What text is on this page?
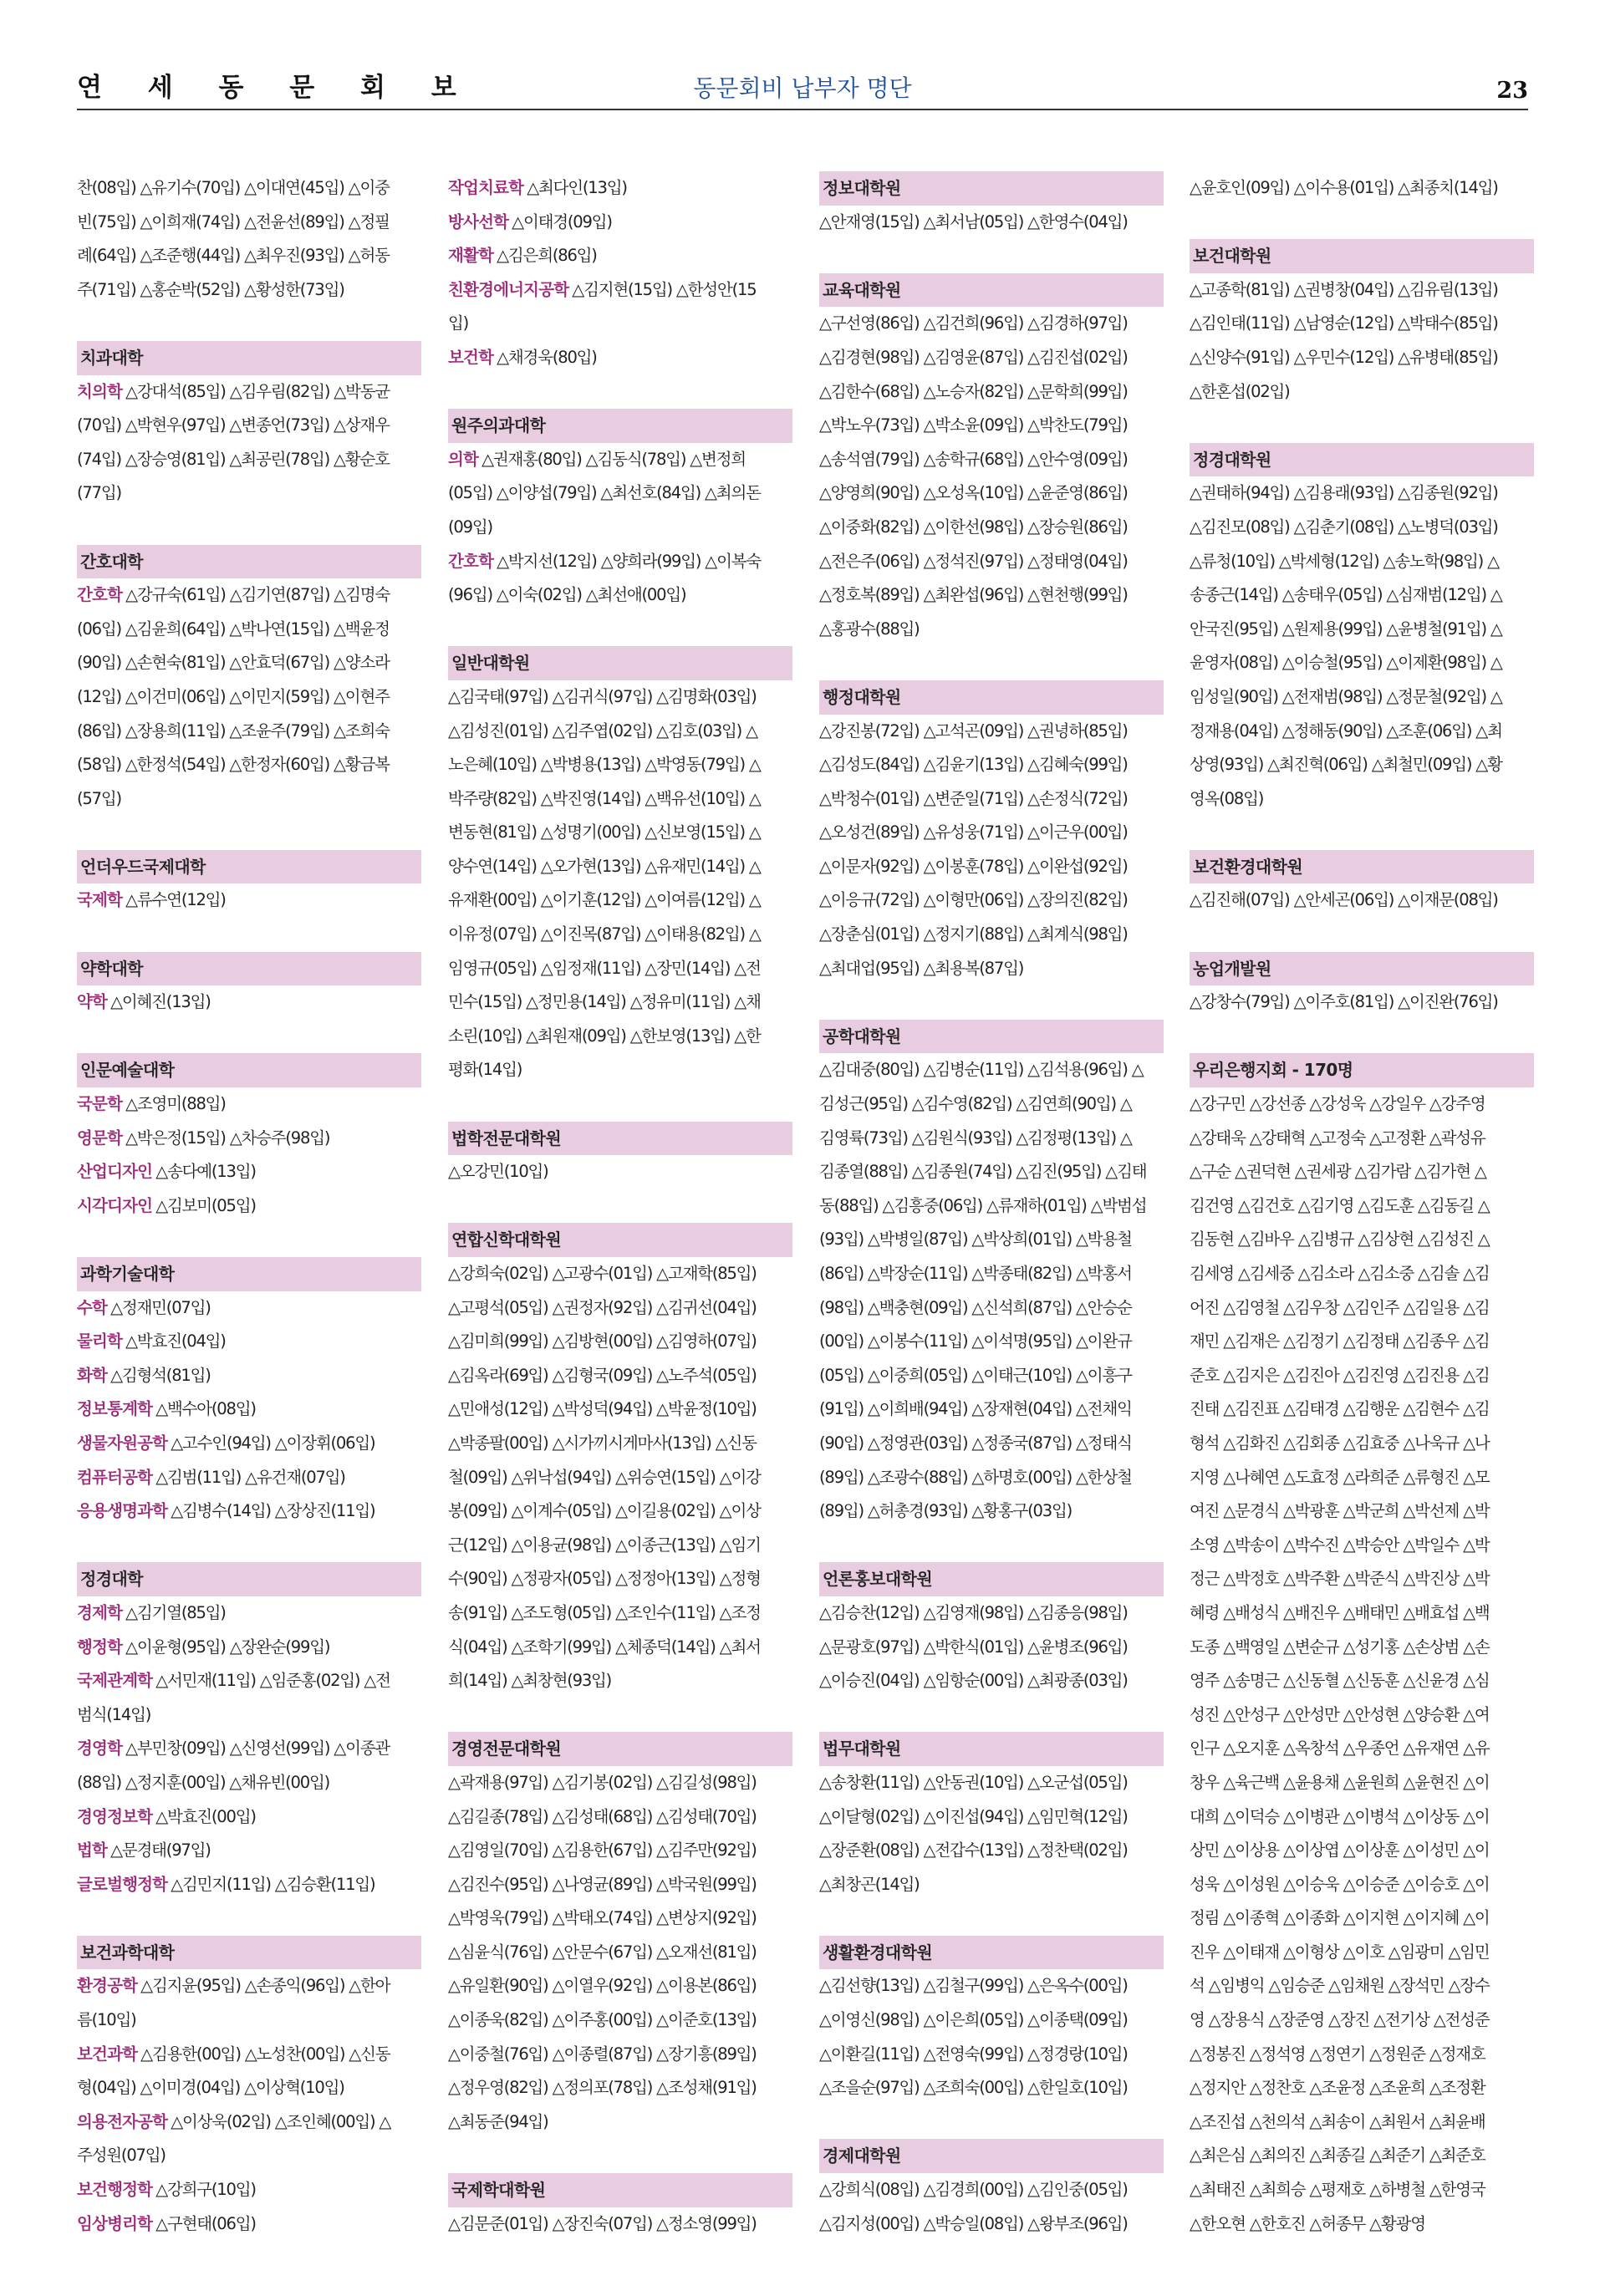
연 세 동 문 회 보	동문회비 납부자 명단	23

찬(08입) △유기수(70입) △이대연(45입) △이중

빈(75입) △이희재(74입) △전윤선(89입) △정필

례(64입) △조준행(44입) △최우진(93입) △허동

주(71입) △홍순박(52입) △황성한(73입)

치과대학

치의학 △강대석(85입) △김우림(82입) △박동균

(70입) △박현우(97입) △변종언(73입) △상재우

(74입) △장승영(81입) △최공린(78입) △황순호

(77입)

간호대학

간호학 △강규숙(61입) △김기연(87입) △김명숙

(06입) △김윤희(64입) △박나연(15입) △백윤정

(90입) △손현숙(81입) △안효덕(67입) △양소라

(12입) △이건미(06입) △이민지(59입) △이현주

(86입) △장용희(11입) △조윤주(79입) △조희숙

(58입) △한정석(54입) △한정자(60입) △황금복

(57입)

언더우드국제대학

국제학 △류수연(12입)

약학대학

약학 △이혜진(13입)

인문예술대학

국문학 △조영미(88입)

영문학 △박은정(15입) △차승주(98입)

산업디자인 △송다예(13입)

시각디자인 △김보미(05입)

과학기술대학

수학 △정재민(07입)

물리학 △박효진(04입)

화학 △김형석(81입)

정보통계학 △백수아(08입)

생물자원공학 △고수인(94입) △이장휘(06입)

컴퓨터공학 △김범(11입) △유건재(07입)

응용생명과학 △김병수(14입) △장상진(11입)

정경대학

경제학 △김기열(85입)

행정학 △이윤형(95입) △장완순(99입)

국제관계학 △서민재(11입) △임준홍(02입) △전

범식(14입)

경영학 △부민창(09입) △신영선(99입) △이종관

(88입) △정지훈(00입) △채유빈(00입)

경영정보학 △박효진(00입)

법학 △문경태(97입)

글로벌행정학 △김민지(11입) △김승환(11입)

보건과학대학

환경공학 △김지윤(95입) △손종익(96입) △한아

름(10입)

보건과학 △김용한(00입) △노성찬(00입) △신동

형(04입) △이미경(04입) △이상혁(10입)

의용전자공학 △이상욱(02입) △조인혜(00입) △

주성원(07입)

보건행정학 △강희구(10입)

임상병리학 △구현태(06입)

작업치료학 △최다인(13입)

방사선학 △이태경(09입)

재활학 △김은희(86입)

친환경에너지공학 △김지현(15입) △한성안(15

입)

보건학 △채경욱(80입)

원주의과대학

의학 △권재홍(80입) △김동식(78입) △변정희

(05입) △이양섭(79입) △최선호(84입) △최의돈

(09입)

간호학 △박지선(12입) △양희라(99입) △이복숙

(96입) △이숙(02입) △최선애(00입)

일반대학원

△김국태(97입) △김귀식(97입) △김명화(03입)

△김성진(01입) △김주엽(02입) △김호(03입) △

노은혜(10입) △박병용(13입) △박영동(79입) △

박주량(82입) △박진영(14입) △백유선(10입) △

변동현(81입) △성명기(00입) △신보영(15입) △

양수연(14입) △오가현(13입) △유재민(14입) △

유재환(00입) △이기훈(12입) △이여름(12입) △

이유정(07입) △이진목(87입) △이태용(82입) △

임영규(05입) △임정재(11입) △장민(14입) △전

민수(15입) △정민용(14입) △정유미(11입) △채

소린(10입) △최원재(09입) △한보영(13입) △한

평화(14입)

법학전문대학원

△오강민(10입)

연합신학대학원

△강희숙(02입) △고광수(01입) △고재학(85입)

△고평석(05입) △권정자(92입) △김귀선(04입)

△김미희(99입) △김방현(00입) △김영하(07입)

△김옥라(69입) △김형국(09입) △노주석(05입)

△민애성(12입) △박성덕(94입) △박윤정(10입)

△박종팔(00입) △시가끼시게마사(13입) △신동

철(09입) △위낙섭(94입) △위승연(15입) △이강

봉(09입) △이계수(05입) △이길용(02입) △이상

근(12입) △이용균(98입) △이종근(13입) △임기

수(90입) △정광자(05입) △정정아(13입) △정형

송(91입) △조도형(05입) △조인수(11입) △조정

식(04입) △조학기(99입) △체종덕(14입) △최서

희(14입) △최창현(93입)

경영전문대학원

△곽재용(97입) △김기봉(02입) △김길성(98입)

△김길종(78입) △김성태(68입) △김성태(70입)

△김영일(70입) △김용한(67입) △김주만(92입)

△김진수(95입) △나영균(89입) △박국원(99입)

△박영욱(79입) △박태오(74입) △변상지(92입)

△심윤식(76입) △안문수(67입) △오재선(81입)

△유일환(90입) △이열우(92입) △이용본(86입)

△이종욱(82입) △이주홍(00입) △이준호(13입)

△이중철(76입) △이종렬(87입) △장기흥(89입)

△정우영(82입) △정의포(78입) △조성채(91입)

△최동준(94입)

국제학대학원

△김문준(01입) △장진숙(07입) △정소영(99입)

정보대학원

△안재영(15입) △최서남(05입) △한영수(04입)

교육대학원

△구선영(86입) △김건희(96입) △김경하(97입)

△김경현(98입) △김영윤(87입) △김진섭(02입)

△김한수(68입) △노승자(82입) △문학희(99입)

△박노우(73입) △박소윤(09입) △박찬도(79입)

△송석염(79입) △송학규(68입) △안수영(09입)

△양영희(90입) △오성옥(10입) △윤준영(86입)

△이중화(82입) △이한선(98입) △장승원(86입)

△전은주(06입) △정석진(97입) △정태영(04입)

△정호복(89입) △최완섭(96입) △현천행(99입)

△홍광수(88입)

행정대학원

△강진봉(72입) △고석곤(09입) △권녕하(85입)

△김성도(84입) △김윤기(13입) △김혜숙(99입)

△박청수(01입) △변준일(71입) △손정식(72입)

△오성건(89입) △유성웅(71입) △이근우(00입)

△이문자(92입) △이봉훈(78입) △이완섭(92입)

△이응규(72입) △이형만(06입) △장의진(82입)

△장춘심(01입) △정지기(88입) △최계식(98입)

△최대업(95입) △최용복(87입)

공학대학원

△김대중(80입) △김병순(11입) △김석용(96입) △

김성근(95입) △김수영(82입) △김연희(90입) △

김영륙(73입) △김원식(93입) △김정평(13입) △

김종열(88입) △김종원(74입) △김진(95입) △김태

동(88입) △김흥중(06입) △류재하(01입) △박범섭

(93입) △박병일(87입) △박상희(01입) △박용철

(86입) △박장순(11입) △박종태(82입) △박홍서

(98입) △백충현(09입) △신석희(87입) △안승순

(00입) △이봉수(11입) △이석명(95입) △이완규

(05입) △이중희(05입) △이태근(10입) △이흥구

(91입) △이희배(94입) △장재현(04입) △전채익

(90입) △정영관(03입) △정종국(87입) △정태식

(89입) △조광수(88입) △하명호(00입) △한상철

(89입) △허총경(93입) △황홍구(03입)

언론홍보대학원

△김승찬(12입) △김영재(98입) △김종응(98입)

△문광호(97입) △박한식(01입) △윤병조(96입)

△이승진(04입) △임항순(00입) △최광종(03입)

법무대학원

△송창환(11입) △안동권(10입) △오군섭(05입)

△이달형(02입) △이진섭(94입) △임민혁(12입)

△장준환(08입) △전갑수(13입) △정찬택(02입)

△최창곤(14입)

생활환경대학원

△김선향(13입) △김철구(99입) △은옥수(00입)

△이영신(98입) △이은희(05입) △이종택(09입)

△이환길(11입) △전영숙(99입) △정경랑(10입)

△조을순(97입) △조희숙(00입) △한일호(10입)

경제대학원

△강희식(08입) △김경희(00입) △김인중(05입)

△김지성(00입) △박승일(08입) △왕부조(96입)

△윤호인(09입) △이수용(01입) △최종치(14입)

보건대학원

△고종학(81입) △권병창(04입) △김유림(13입)

△김인태(11입) △남영순(12입) △박태수(85입)

△신양수(91입) △우민수(12입) △유병태(85입)

△한혼섭(02입)

정경대학원

△권태하(94입) △김용래(93입) △김종원(92입)

△김진모(08입) △김춘기(08입) △노병덕(03입)

△류청(10입) △박세형(12입) △송노학(98입) △

송종근(14입) △송태우(05입) △심재범(12입) △

안국진(95입) △원제용(99입) △윤병철(91입) △

윤영자(08입) △이승철(95입) △이제환(98입) △

임성일(90입) △전재범(98입) △정문철(92입) △

정재용(04입) △정해동(90입) △조훈(06입) △최

상영(93입) △최진혁(06입) △최철민(09입) △황

영옥(08입)

보건환경대학원

△김진해(07입) △안세곤(06입) △이재문(08입)

농업개발원

△강창수(79입) △이주호(81입) △이진완(76입)

우리은행지회 - 170명

△강구민 △강선종 △강성욱 △강일우 △강주영

△강태욱 △강태혁 △고정숙 △고정환 △곽성유

△구순 △권덕현 △권세광 △김가람 △김가현 △

김건영 △김건호 △김기영 △김도훈 △김동길 △

김동현 △김바우 △김병규 △김상현 △김성진 △

김세영 △김세중 △김소라 △김소중 △김솔 △김

어진 △김영철 △김우창 △김인주 △김일용 △김

재민 △김재은 △김정기 △김정태 △김종우 △김

준호 △김지은 △김진아 △김진영 △김진용 △김

진태 △김진표 △김태경 △김행운 △김현수 △김

형석 △김화진 △김회종 △김효중 △나욱규 △나

지영 △나혜연 △도효정 △라희준 △류형진 △모

여진 △문경식 △박광훈 △박군희 △박선제 △박

소영 △박송이 △박수진 △박승안 △박일수 △박

정근 △박정호 △박주환 △박준식 △박진상 △박

혜령 △배성식 △배진우 △배태민 △배효섭 △백

도종 △백영일 △변순규 △성기홍 △손상범 △손

영주 △송명근 △신동혈 △신동훈 △신윤경 △심

성진 △안성구 △안성만 △안성현 △양승환 △여

인구 △오지훈 △옥창석 △우종언 △유재연 △유

창우 △육근백 △윤용채 △윤원희 △윤현진 △이

대희 △이덕승 △이병관 △이병석 △이상동 △이

상민 △이상용 △이상엽 △이상훈 △이성민 △이

성욱 △이성원 △이승욱 △이승준 △이승호 △이

정림 △이종혁 △이종화 △이지현 △이지혜 △이

진우 △이태재 △이형상 △이호 △임광미 △임민

석 △임병익 △임승준 △임채원 △장석민 △장수

영 △장용식 △장준영 △장진 △전기상 △전성준

△정봉진 △정석영 △정연기 △정원준 △정재호

△정지안 △정찬호 △조윤정 △조윤희 △조정환

△조진섭 △천의석 △최송이 △최원서 △최윤배

△최은심 △최의진 △최종길 △최준기 △최준호

△최태진 △최희승 △평재호 △하병철 △한영국

△한오현 △한호진 △허종무 △황광영
